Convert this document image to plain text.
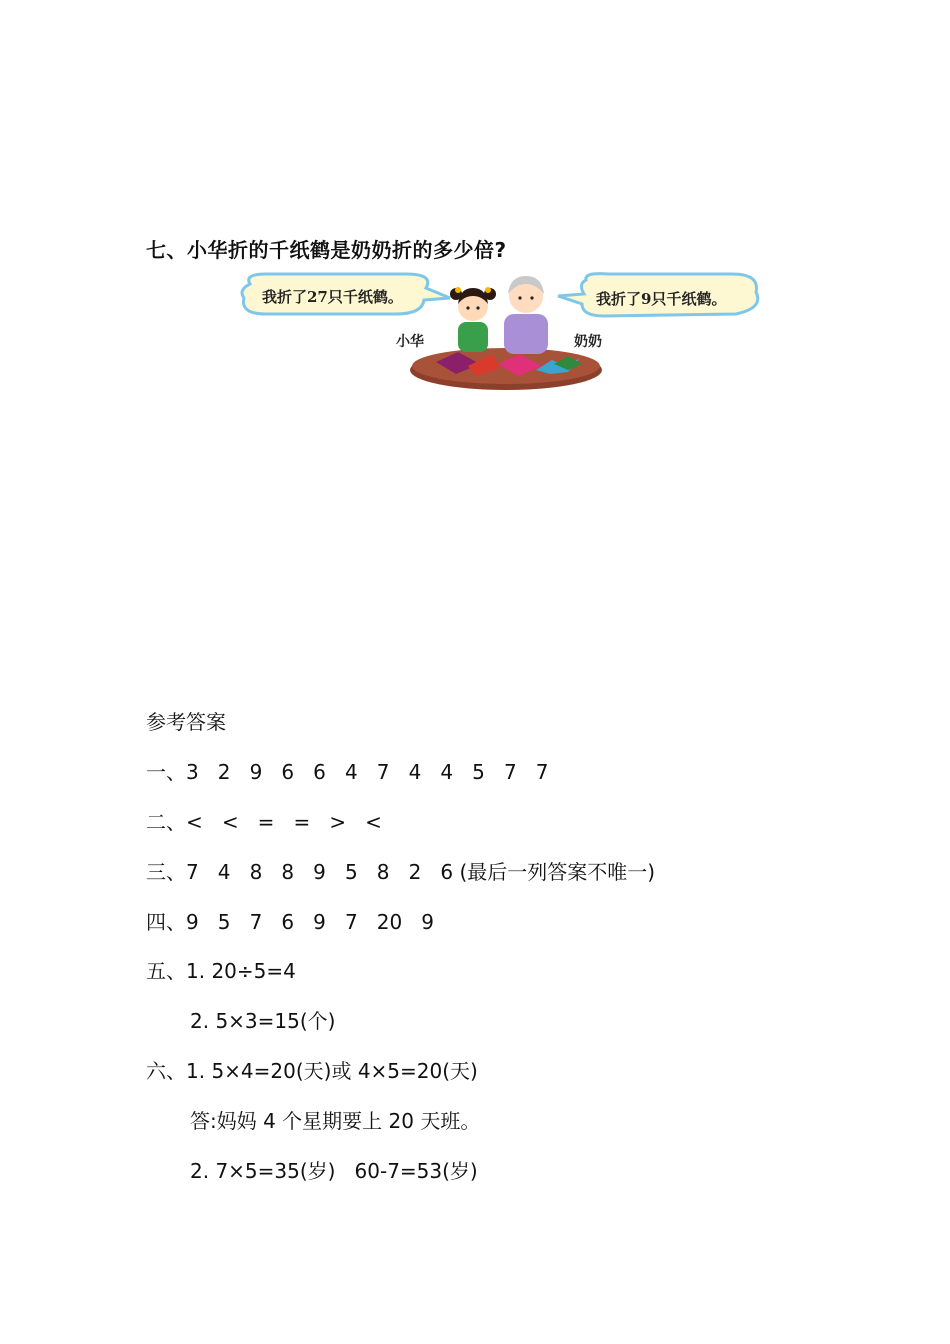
七、小华折的千纸鹤是奶奶折的多少倍?
我折了27只千纸鹤。	我折了9只千纸鹤。
小华	奶奶
参考答案
一、3   2   9   6   6   4   7   4   4   5   7   7
二、<   <   =   =   >   <
三、7   4   8   8   9   5   8   2   6 (最后一列答案不唯一)
四、9   5   7   6   9   7   20   9
五、1. 20÷5=4
2. 5×3=15(个)
六、1. 5×4=20(天)或 4×5=20(天)
答:妈妈 4 个星期要上 20 天班。
2. 7×5=35(岁)   60-7=53(岁)
